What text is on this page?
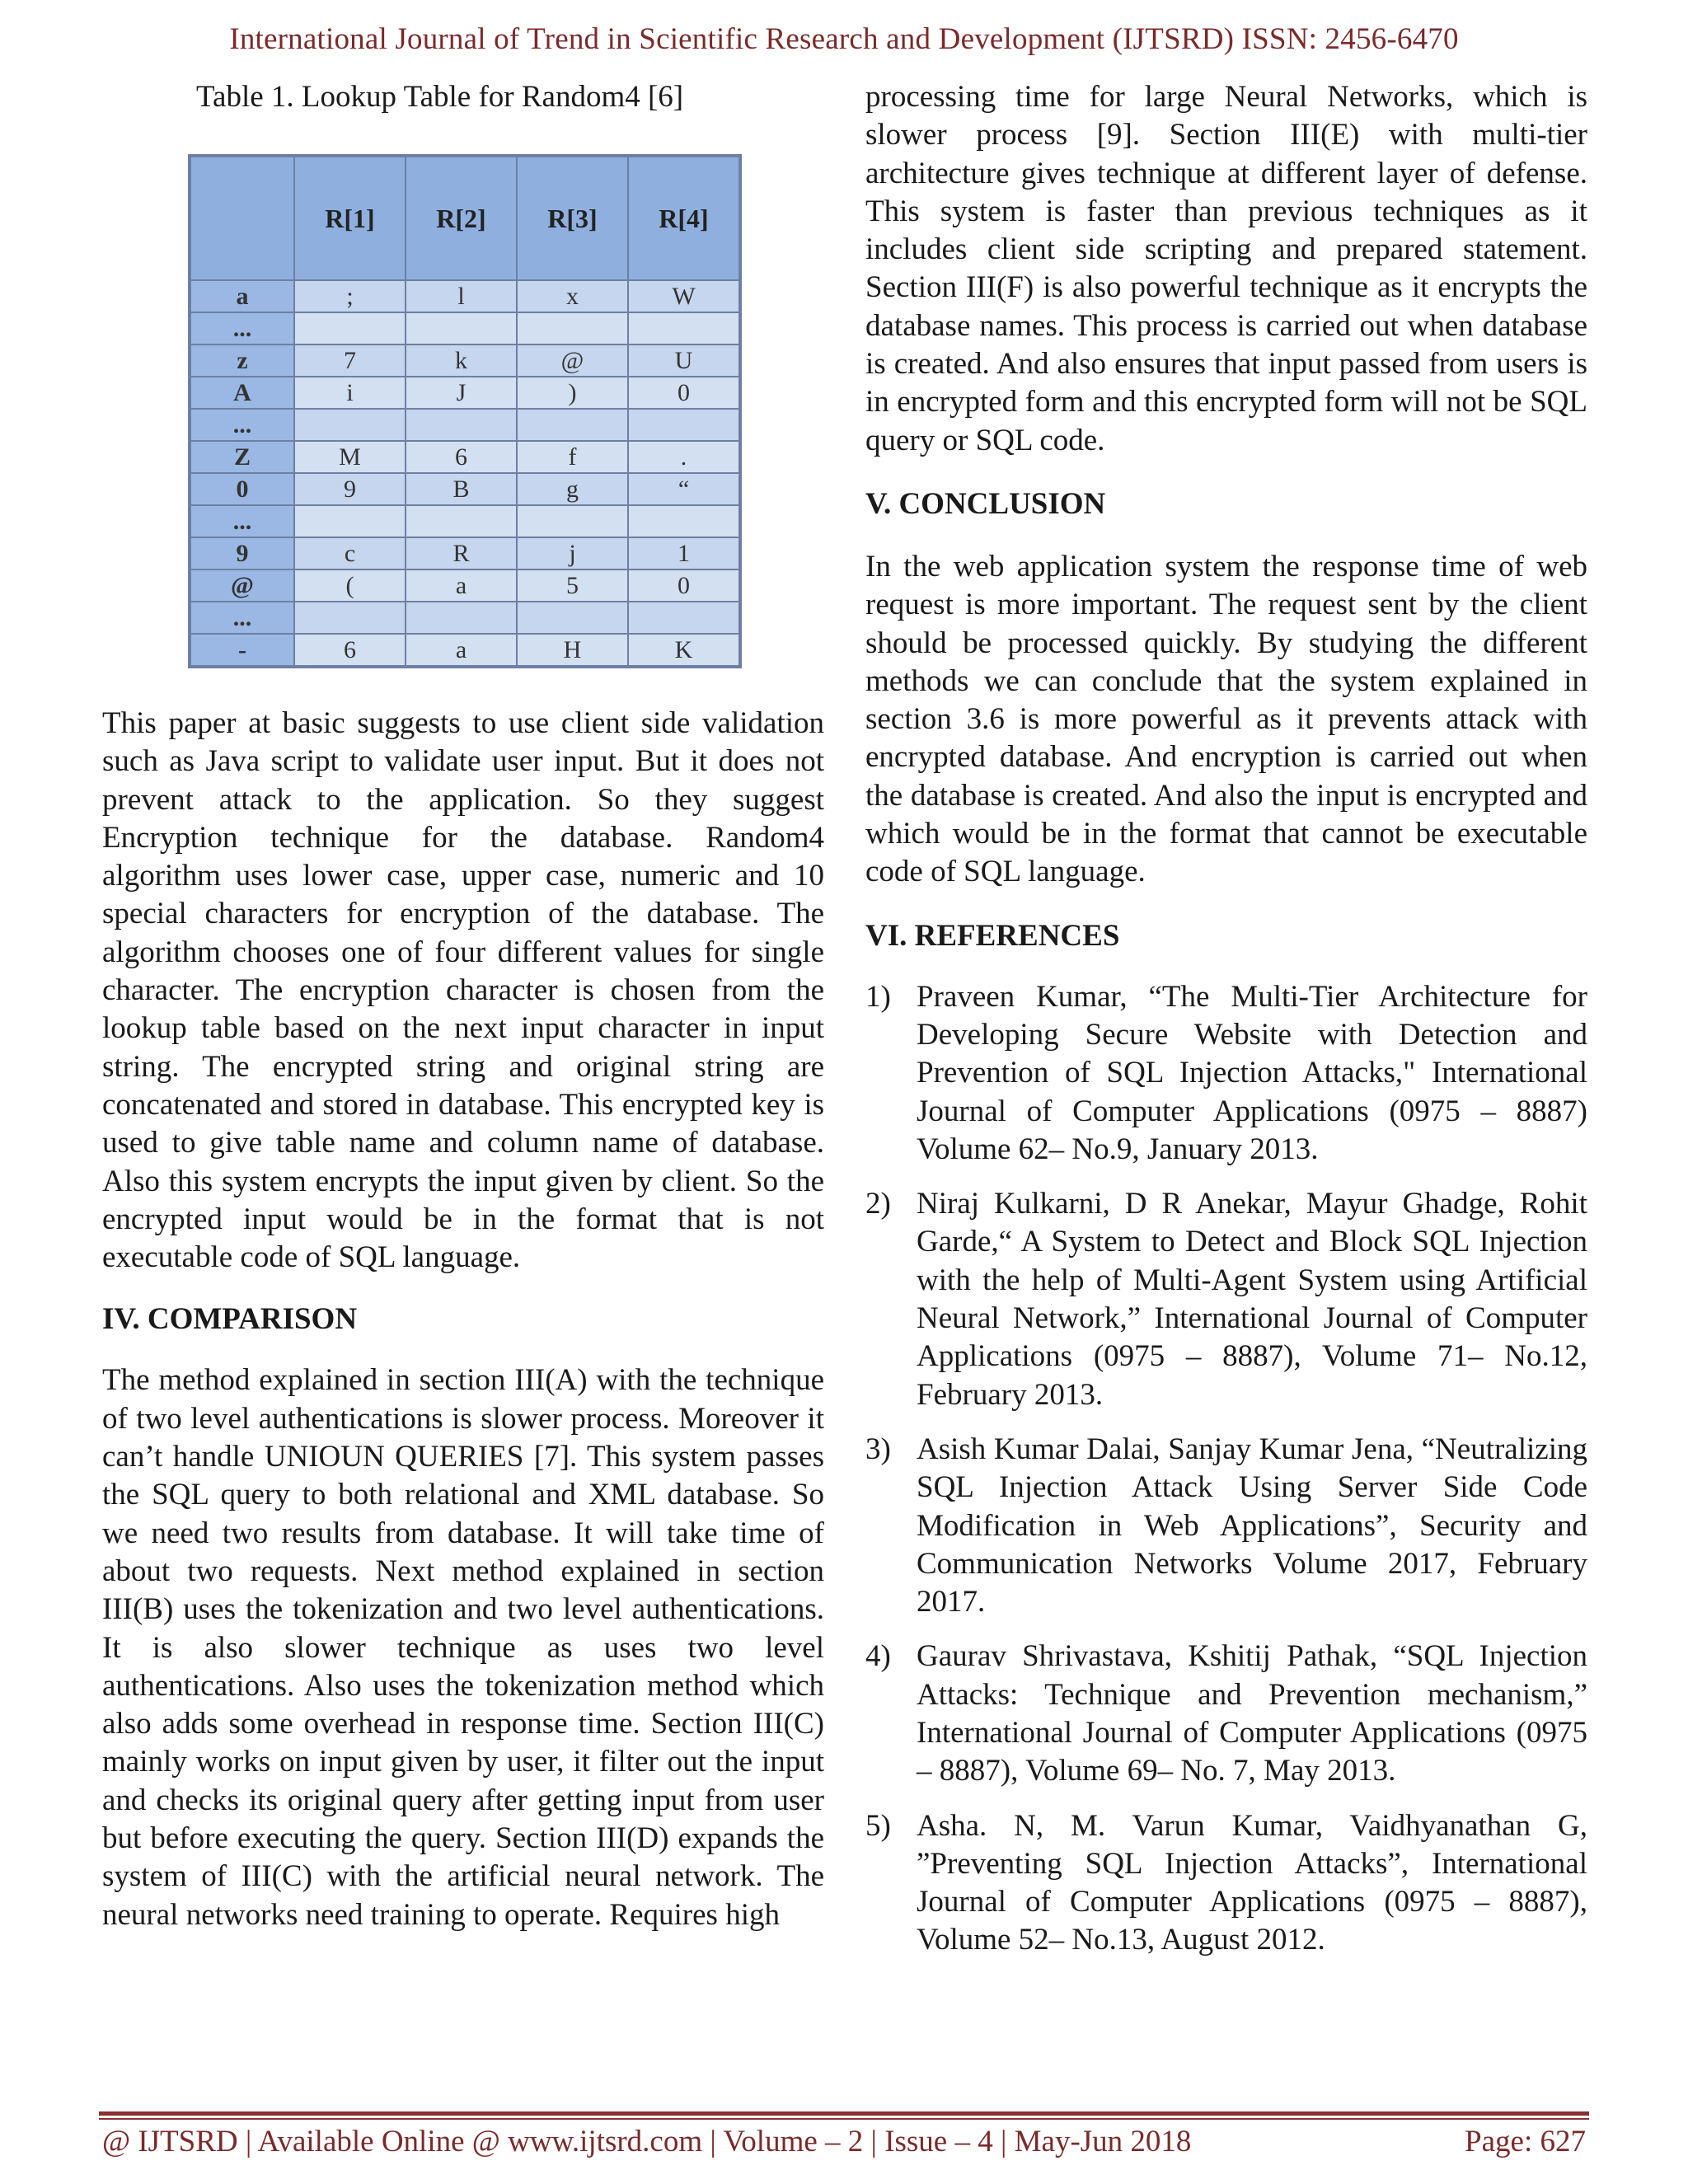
International Journal of Trend in Scientific Research and Development (IJTSRD) ISSN: 2456-6470
Table 1. Lookup Table for Random4 [6]
	R[1]	R[2]	R[3]	R[4]
a	;	l	x	W
...				
z	7	k	@	U
A	i	J	)	0
...				
Z	M	6	f	.
0	9	B	g	“
...				
9	c	R	j	1
@	(	a	5	0
...				
-	6	a	H	K

This paper at basic suggests to use client side validation such as Java script to validate user input. But it does not prevent attack to the application. So they suggest Encryption technique for the database. Random4 algorithm uses lower case, upper case, numeric and 10 special characters for encryption of the database. The algorithm chooses one of four different values for single character. The encryption character is chosen from the lookup table based on the next input character in input string. The encrypted string and original string are concatenated and stored in database. This encrypted key is used to give table name and column name of database. Also this system encrypts the input given by client. So the encrypted input would be in the format that is not executable code of SQL language.

IV. COMPARISON

The method explained in section III(A) with the technique of two level authentications is slower process. Moreover it can’t handle UNIOUN QUERIES [7]. This system passes the SQL query to both relational and XML database. So we need two results from database. It will take time of about two requests. Next method explained in section III(B) uses the tokenization and two level authentications. It is also slower technique as uses two level authentications. Also uses the tokenization method which also adds some overhead in response time. Section III(C) mainly works on input given by user, it filter out the input and checks its original query after getting input from user but before executing the query. Section III(D) expands the system of III(C) with the artificial neural network. The neural networks need training to operate. Requires high

processing time for large Neural Networks, which is slower process [9]. Section III(E) with multi-tier architecture gives technique at different layer of defense. This system is faster than previous techniques as it includes client side scripting and prepared statement. Section III(F) is also powerful technique as it encrypts the database names. This process is carried out when database is created. And also ensures that input passed from users is in encrypted form and this encrypted form will not be SQL query or SQL code.

V. CONCLUSION

In the web application system the response time of web request is more important. The request sent by the client should be processed quickly. By studying the different methods we can conclude that the system explained in section 3.6 is more powerful as it prevents attack with encrypted database. And encryption is carried out when the database is created. And also the input is encrypted and which would be in the format that cannot be executable code of SQL language.

VI. REFERENCES

1) Praveen Kumar, “The Multi-Tier Architecture for Developing Secure Website with Detection and Prevention of SQL Injection Attacks," International Journal of Computer Applications (0975 – 8887) Volume 62– No.9, January 2013.
2) Niraj Kulkarni, D R Anekar, Mayur Ghadge, Rohit Garde,“ A System to Detect and Block SQL Injection with the help of Multi-Agent System using Artificial Neural Network,” International Journal of Computer Applications (0975 – 8887), Volume 71– No.12, February 2013.
3) Asish Kumar Dalai, Sanjay Kumar Jena, “Neutralizing SQL Injection Attack Using Server Side Code Modification in Web Applications”, Security and Communication Networks Volume 2017, February 2017.
4) Gaurav Shrivastava, Kshitij Pathak, “SQL Injection Attacks: Technique and Prevention mechanism,” International Journal of Computer Applications (0975 – 8887), Volume 69– No. 7, May 2013.
5) Asha. N, M. Varun Kumar, Vaidhyanathan G, ”Preventing SQL Injection Attacks”, International Journal of Computer Applications (0975 – 8887), Volume 52– No.13, August 2012.
@ IJTSRD | Available Online @ www.ijtsrd.com | Volume – 2 | Issue – 4 | May-Jun 2018	Page: 627
